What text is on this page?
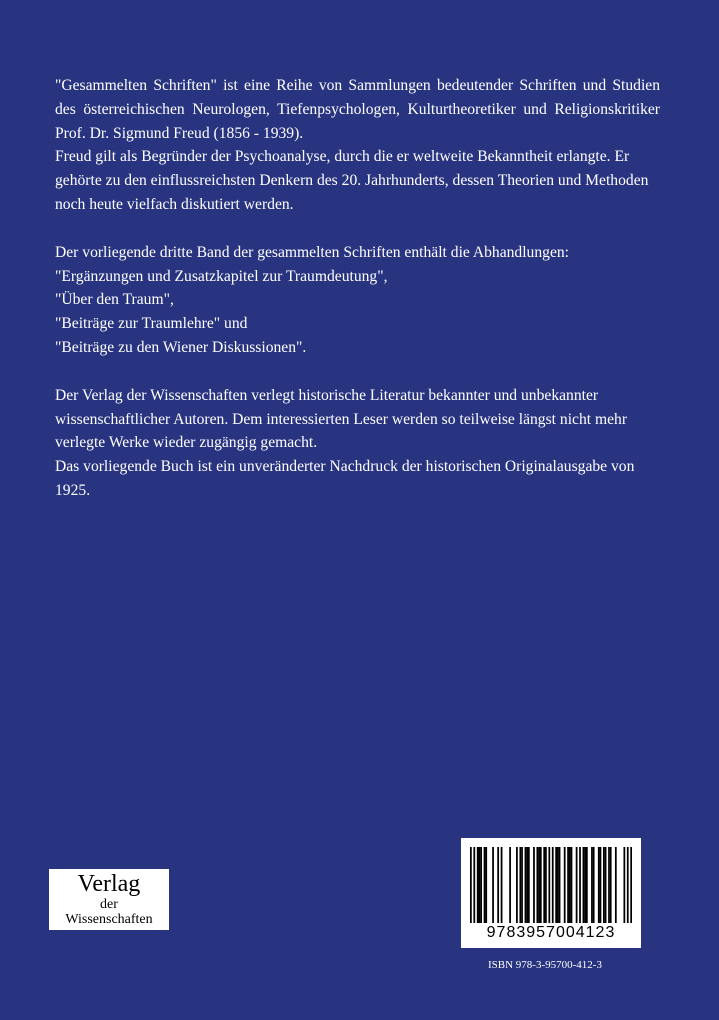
"Gesammelten Schriften" ist eine Reihe von Sammlungen bedeutender Schriften und Studien des österreichischen Neurologen, Tiefenpsychologen, Kulturtheoretiker und Religionskritiker Prof. Dr. Sigmund Freud (1856 - 1939).

Freud gilt als Begründer der Psychoanalyse, durch die er weltweite Bekanntheit erlangte. Er gehörte zu den einflussreichsten Denkern des 20. Jahrhunderts, dessen Theorien und Methoden noch heute vielfach diskutiert werden.

Der vorliegende dritte Band der gesammelten Schriften enthält die Abhandlungen:

"Ergänzungen und Zusatzkapitel zur Traumdeutung",

"Über den Traum",

"Beiträge zur Traumlehre" und

"Beiträge zu den Wiener Diskussionen".

Der Verlag der Wissenschaften verlegt historische Literatur bekannter und unbekannter wissenschaftlicher Autoren. Dem interessierten Leser werden so teilweise längst nicht mehr verlegte Werke wieder zugängig gemacht.

Das vorliegende Buch ist ein unveränderter Nachdruck der historischen Originalausgabe von 1925.

Verlag
der
Wissenschaften
9783957004123
ISBN 978-3-95700-412-3
